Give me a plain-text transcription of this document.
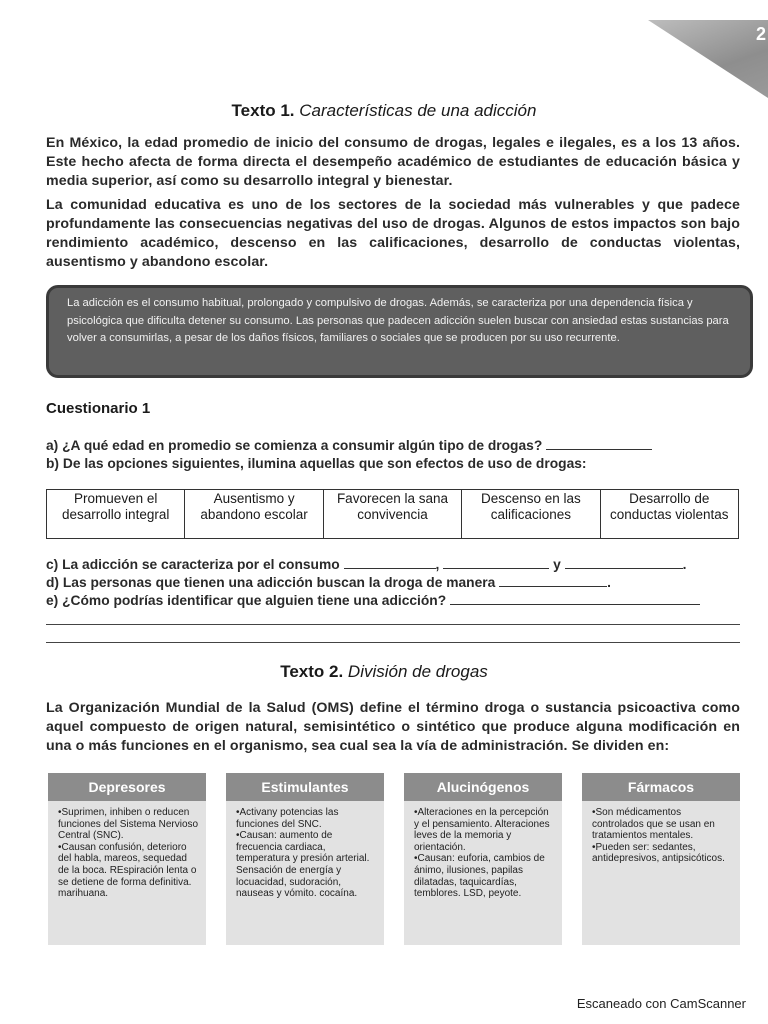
2
Texto 1. Características de una adicción
En México, la edad promedio de inicio del consumo de drogas, legales e ilegales, es a los 13 años. Este hecho afecta de forma directa el desempeño académico de estudiantes de educación básica y media superior, así como su desarrollo integral y bienestar.
La comunidad educativa es uno de los sectores de la sociedad más vulnerables y que padece profundamente las consecuencias negativas del uso de drogas. Algunos de estos impactos son bajo rendimiento académico, descenso en las calificaciones, desarrollo de conductas violentas, ausentismo y abandono escolar.
La adicción es el consumo habitual, prolongado y compulsivo de drogas. Además, se caracteriza por una dependencia física y psicológica que dificulta detener su consumo. Las personas que padecen adicción suelen buscar con ansiedad estas sustancias para volver a consumirlas, a pesar de los daños físicos, familiares o sociales que se producen por su uso recurrente.
Cuestionario 1
a) ¿A qué edad en promedio se comienza a consumir algún tipo de drogas?
b) De las opciones siguientes, ilumina aquellas que son efectos de uso de drogas:
Promueven el desarrollo integral	Ausentismo y abandono escolar	Favorecen la sana convivencia	Descenso en las calificaciones	Desarrollo de conductas violentas
c) La adicción se caracteriza por el consumo	,	y	.
d) Las personas que tienen una adicción buscan la droga de manera	.
e) ¿Cómo podrías identificar que alguien tiene una adicción?
Texto 2. División de drogas
La Organización Mundial de la Salud (OMS) define el término droga o sustancia psicoactiva como aquel compuesto de origen natural, semisintético o sintético que produce alguna modificación en una o más funciones en el organismo, sea cual sea la vía de administración. Se dividen en:
Depresores

•Suprimen, inhiben o reducen funciones del Sistema Nervioso Central (SNC).

•Causan confusión, deterioro del habla, mareos, sequedad de la boca. REspiración lenta o se detiene de forma definitiva. marihuana.

Estimulantes

•Activany potencias las funciones del SNC.

•Causan: aumento de frecuencia cardiaca, temperatura y presión arterial. Sensación de energía y locuacidad, sudoración, nauseas y vómito. cocaína.

Alucinógenos

•Alteraciones en la percepción y el pensamiento. Alteraciones leves de la memoria y orientación.

•Causan: euforia, cambios de ánimo, ilusiones, papilas dilatadas, taquicardías, temblores. LSD, peyote.

Fármacos

•Son médicamentos controlados que se usan en tratamientos mentales.

•Pueden ser: sedantes, antidepresivos, antipsicóticos.

Escaneado con CamScanner
